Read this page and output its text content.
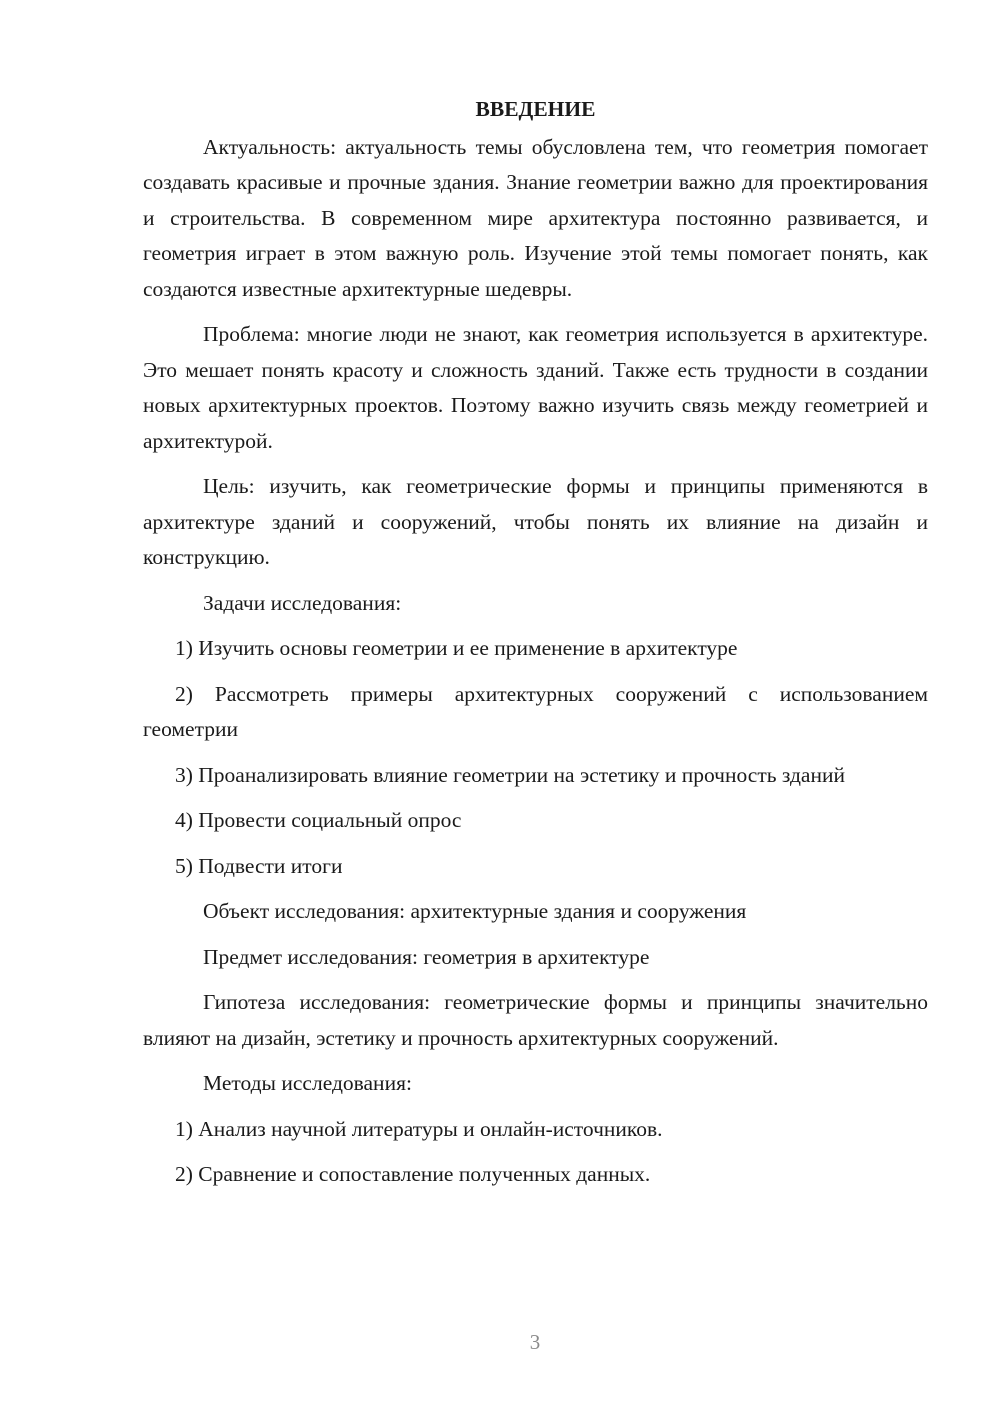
ВВЕДЕНИЕ

Актуальность: актуальность темы обусловлена тем, что геометрия помогает создавать красивые и прочные здания. Знание геометрии важно для проектирования и строительства. В современном мире архитектура постоянно развивается, и геометрия играет в этом важную роль. Изучение этой темы помогает понять, как создаются известные архитектурные шедевры.

Проблема: многие люди не знают, как геометрия используется в архитектуре. Это мешает понять красоту и сложность зданий. Также есть трудности в создании новых архитектурных проектов. Поэтому важно изучить связь между геометрией и архитектурой.

Цель: изучить, как геометрические формы и принципы применяются в архитектуре зданий и сооружений, чтобы понять их влияние на дизайн и конструкцию.

Задачи исследования:

1) Изучить основы геометрии и ее применение в архитектуре

2) Рассмотреть примеры архитектурных сооружений с использованием геометрии

3) Проанализировать влияние геометрии на эстетику и прочность зданий

4) Провести социальный опрос

5) Подвести итоги

Объект исследования: архитектурные здания и сооружения

Предмет исследования: геометрия в архитектуре

Гипотеза исследования: геометрические формы и принципы значительно влияют на дизайн, эстетику и прочность архитектурных сооружений.

Методы исследования:

1) Анализ научной литературы и онлайн-источников.

2) Сравнение и сопоставление полученных данных.

3
